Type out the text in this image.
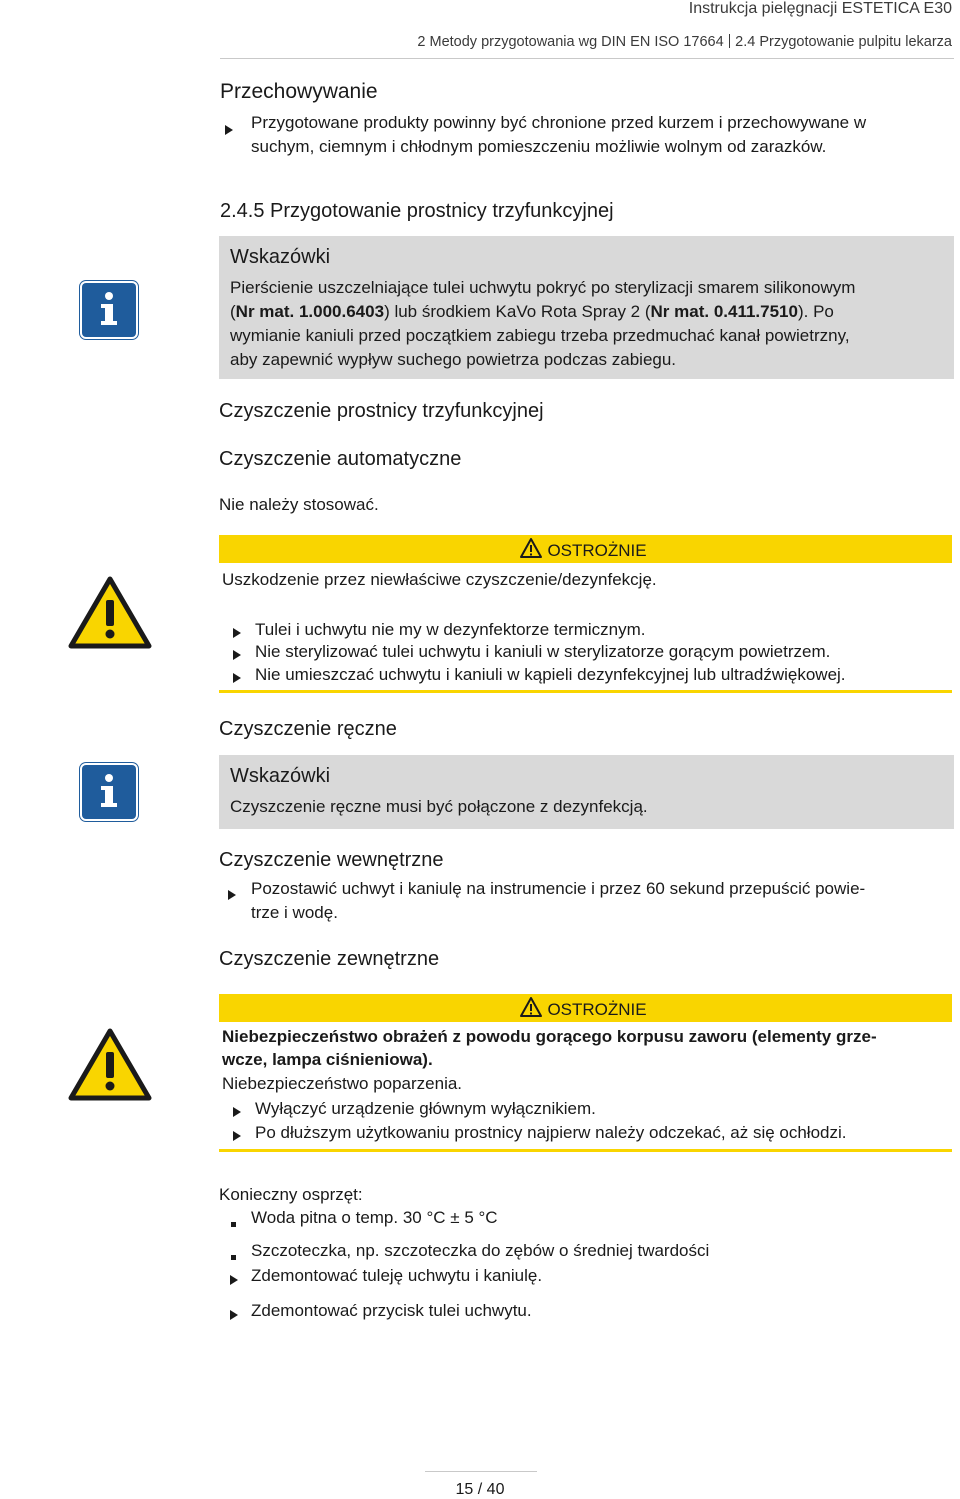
Instrukcja pielęgnacji ESTETICA E30
2 Metody przygotowania wg DIN EN ISO 17664 2.4 Przygotowanie pulpitu lekarza
Przechowywanie
Przygotowane produkty powinny być chronione przed kurzem i przechowywane w
suchym, ciemnym i chłodnym pomieszczeniu możliwie wolnym od zarazków.
2.4.5 Przygotowanie prostnicy trzyfunkcyjnej
Wskazówki
Pierścienie uszczelniające tulei uchwytu pokryć po sterylizacji smarem silikonowym
(Nr mat. 1.000.6403) lub środkiem KaVo Rota Spray 2 (Nr mat. 0.411.7510). Po
wymianie kaniuli przed początkiem zabiegu trzeba przedmuchać kanał powietrzny,
aby zapewnić wypływ suchego powietrza podczas zabiegu.
Czyszczenie prostnicy trzyfunkcyjnej
Czyszczenie automatyczne
Nie należy stosować.
OSTROŻNIE
Uszkodzenie przez niewłaściwe czyszczenie/dezynfekcję.
Tulei i uchwytu nie my w dezynfektorze termicznym.
Nie sterylizować tulei uchwytu i kaniuli w sterylizatorze gorącym powietrzem.
Nie umieszczać uchwytu i kaniuli w kąpieli dezynfekcyjnej lub ultradźwiękowej.
Czyszczenie ręczne
Wskazówki
Czyszczenie ręczne musi być połączone z dezynfekcją.
Czyszczenie wewnętrzne
Pozostawić uchwyt i kaniulę na instrumencie i przez 60 sekund przepuścić powie-
trze i wodę.
Czyszczenie zewnętrzne
OSTROŻNIE
Niebezpieczeństwo obrażeń z powodu gorącego korpusu zaworu (elementy grze-
wcze, lampa ciśnieniowa).
Niebezpieczeństwo poparzenia.
Wyłączyć urządzenie głównym wyłącznikiem.
Po dłuższym użytkowaniu prostnicy najpierw należy odczekać, aż się ochłodzi.
Konieczny osprzęt:
Woda pitna o temp. 30 °C ± 5 °C
Szczoteczka, np. szczoteczka do zębów o średniej twardości
Zdemontować tuleję uchwytu i kaniulę.
Zdemontować przycisk tulei uchwytu.
15 / 40
